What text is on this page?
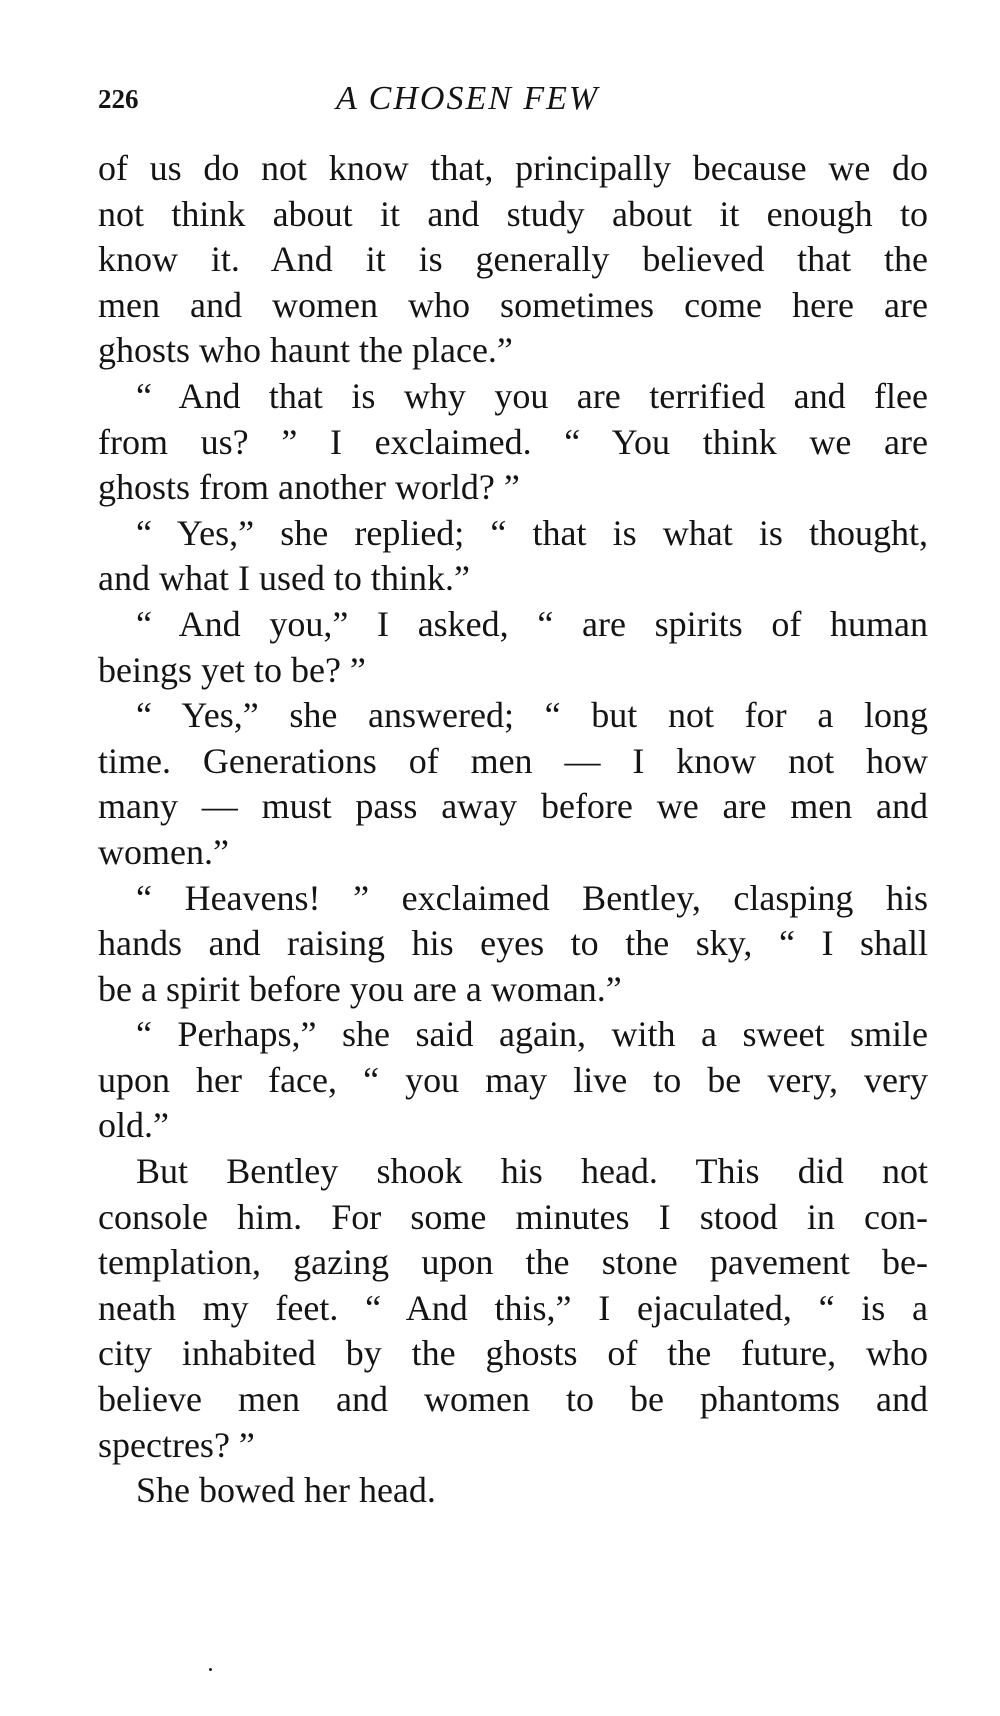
226	A CHOSEN FEW
of us do not know that, principally because we do
not think about it and study about it enough to
know it. And it is generally believed that the
men and women who sometimes come here are
ghosts who haunt the place.”
“ And that is why you are terrified and flee
from us? ” I exclaimed. “ You think we are
ghosts from another world? ”
“ Yes,” she replied; “ that is what is thought,
and what I used to think.”
“ And you,” I asked, “ are spirits of human
beings yet to be? ”
“ Yes,” she answered; “ but not for a long
time. Generations of men — I know not how
many — must pass away before we are men and
women.”
“ Heavens! ” exclaimed Bentley, clasping his
hands and raising his eyes to the sky, “ I shall
be a spirit before you are a woman.”
“ Perhaps,” she said again, with a sweet smile
upon her face, “ you may live to be very, very
old.”
But Bentley shook his head. This did not
console him. For some minutes I stood in con-
templation, gazing upon the stone pavement be-
neath my feet. “ And this,” I ejaculated, “ is a
city inhabited by the ghosts of the future, who
believe men and women to be phantoms and
spectres? ”
She bowed her head.
